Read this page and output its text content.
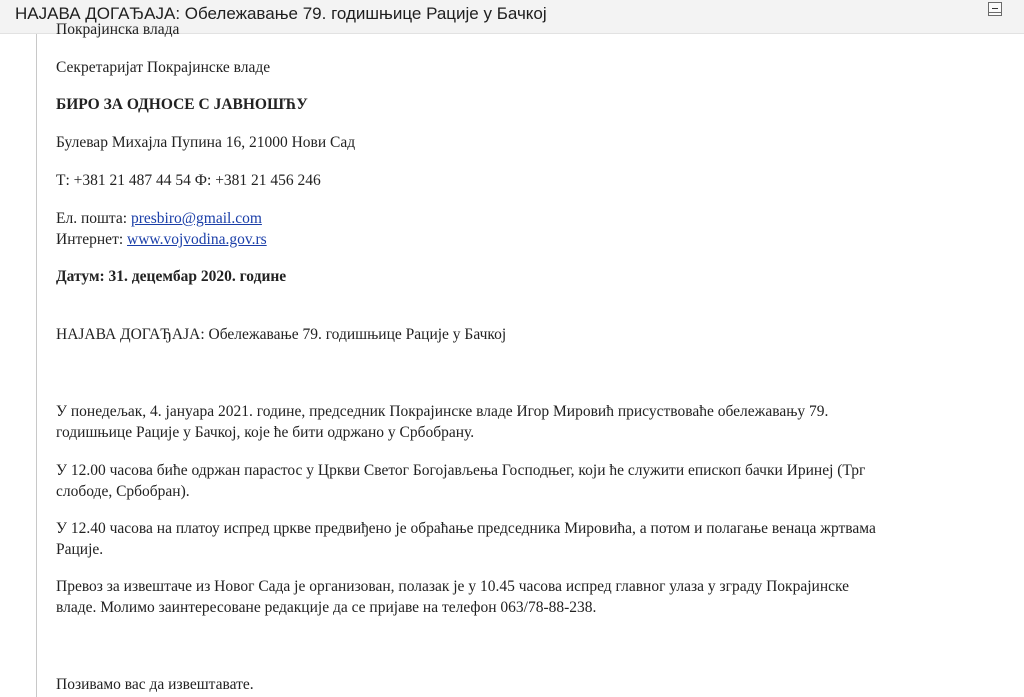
НАЈАВА ДОГАЂАЈА: Обележавање 79. годишњице Рације у Бачкој
Покрајинска влада

Секретаријат Покрајинске владе

БИРО ЗА ОДНОСЕ С ЈАВНОШЋУ

Булевар Михајла Пупина 16, 21000 Нови Сад

Т: +381 21 487 44 54 Ф: +381 21 456 246

Ел. пошта: presbiro@gmail.com

Интернет: www.vojvodina.gov.rs

Датум: 31. децембар 2020. године

НАЈАВА ДОГАЂАЈА: Обележавање 79. годишњице Рације у Бачкој

У понедељак, 4. јануара 2021. године, председник Покрајинске владе Игор Мировић присуствоваће обележавању 79.

годишњице Рације у Бачкој, које ће бити одржано у Србобрану.

У 12.00 часова биће одржан парастос у Цркви Светог Богојављења Господњег, који ће служити епископ бачки Иринеј (Трг

слободе, Србобран).

У 12.40 часова на платоу испред цркве предвиђено је обраћање председника Мировића, а потом и полагање венаца жртвама

Рације.

Превоз за извештаче из Новог Сада је организован, полазак је у 10.45 часова испред главног улаза у зграду Покрајинске

владе. Молимо заинтересоване редакције да се пријаве на телефон 063/78-88-238.

Позивамо вас да извештавате.
